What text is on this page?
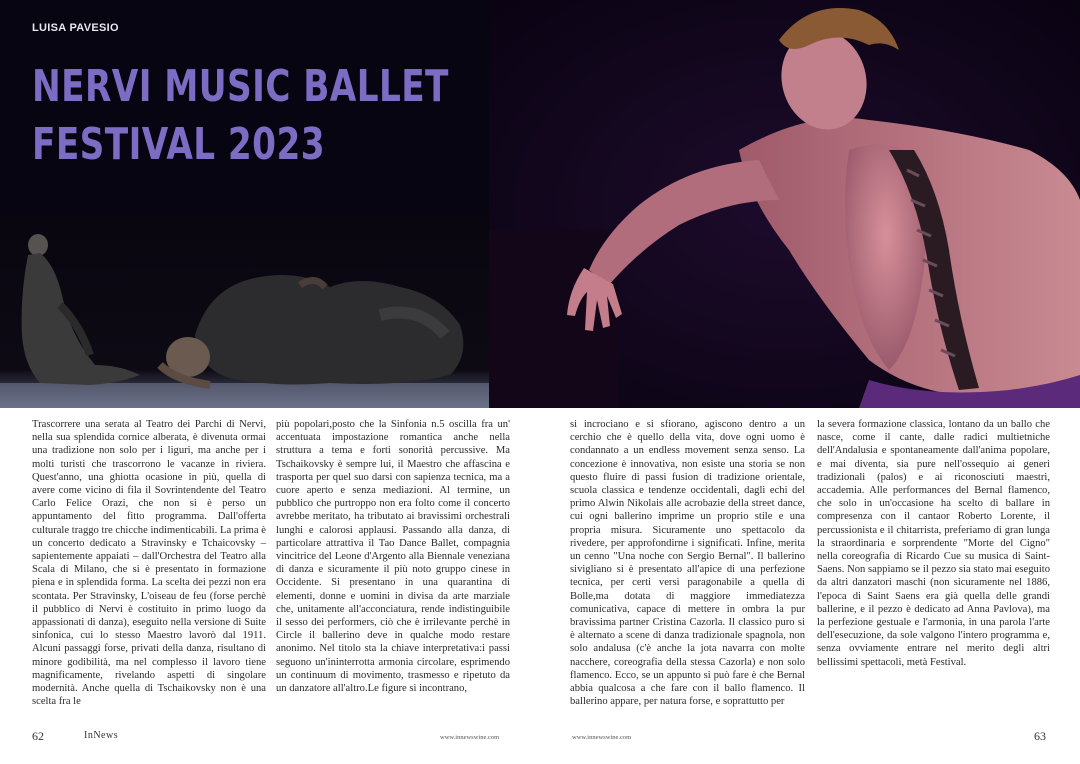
LUISA PAVESIO
NERVI MUSIC BALLET
FESTIVAL 2023
Trascorrere una serata al Teatro dei Parchi di Nervi, nella sua splendida cornice alberata, è divenuta ormai una tradizione non solo per i liguri, ma anche per i molti turisti che trascorrono le vacanze in riviera. Quest'anno, una ghiotta ocasione in più, quella di avere come vicino di fila il Sovrintendente del Teatro Carlo Felice Orazi, che non si è perso un appuntamento del fitto programma. Dall'offerta culturale traggo tre chicche indimenticabili. La prima è un concerto dedicato a Stravinsky e Tchaicovsky – sapientemente appaiati – dall'Orchestra del Teatro alla Scala di Milano, che si è presentato in formazione piena e in splendida forma. La scelta dei pezzi non era scontata. Per Stravinsky, L'oiseau de feu (forse perchè il pubblico di Nervi è costituito in primo luogo da appassionati di danza), eseguito nella versione di Suite sinfonica, cui lo stesso Maestro lavorò dal 1911. Alcuni passaggi forse, privati della danza, risultano di minore godibilità, ma nel complesso il lavoro tiene magnificamente, rivelando aspetti di singolare modernità. Anche quella di Tschaikovsky non è una scelta fra le
più popolari,posto che la Sinfonia n.5 oscilla fra un' accentuata impostazione romantica anche nella struttura a tema e forti sonorità percussive. Ma Tschaikovsky è sempre lui, il Maestro che affascina e trasporta per quel suo darsi con sapienza tecnica, ma a cuore aperto e senza mediazioni. Al termine, un pubblico che purtroppo non era folto come il concerto avrebbe meritato, ha tributato ai bravissimi orchestrali lunghi e calorosi applausi. Passando alla danza, di particolare attrattiva il Tao Dance Ballet, compagnia vincitrice del Leone d'Argento alla Biennale veneziana di danza e sicuramente il più noto gruppo cinese in Occidente. Si presentano in una quarantina di elementi, donne e uomini in divisa da arte marziale che, unitamente all'acconciatura, rende indistinguibile il sesso dei performers, ciò che è irrilevante perchè in Circle il ballerino deve in qualche modo restare anonimo. Nel titolo sta la chiave interpretativa:i passi seguono un'ininterrotta armonia circolare, esprimendo un continuum di movimento, trasmesso e ripetuto da un danzatore all'altro.Le figure si incontrano,
si incrociano e si sfiorano, agiscono dentro a un cerchio che è quello della vita, dove ogni uomo è condannato a un endless movement senza senso. La concezione è innovativa, non esiste una storia se non questo fluire di passi fusion di tradizione orientale, scuola classica e tendenze occidentali, dagli echi del primo Alwin Nikolais alle acrobazie della street dance, cui ogni ballerino imprime un proprio stile e una propria misura. Sicuramente uno spettacolo da rivedere, per approfondirne i significati. Infine, merita un cenno "Una noche con Sergio Bernal". Il ballerino sivigliano si è presentato all'apice di una perfezione tecnica, per certi versi paragonabile a quella di Bolle,ma dotata di maggiore immediatezza comunicativa, capace di mettere in ombra la pur bravissima partner Cristina Cazorla. Il classico puro si è alternato a scene di danza tradizionale spagnola, non solo andalusa (c'è anche la jota navarra con molte nacchere, coreografia della stessa Cazorla) e non solo flamenco. Ecco, se un appunto si può fare è che Bernal abbia qualcosa a che fare con il ballo flamenco. Il ballerino appare, per natura forse, e soprattutto per
la severa formazione classica, lontano da un ballo che nasce, come il cante, dalle radici multietniche dell'Andalusia e spontaneamente dall'anima popolare, e mai diventa, sia pure nell'ossequio ai generi tradizionali (palos) e ai riconosciuti maestri, accademia. Alle performances del Bernal flamenco, che solo in un'occasione ha scelto di ballare in compresenza con il cantaor Roberto Lorente, il percussionista e il chitarrista, preferiamo di gran lunga la straordinaria e sorprendente "Morte del Cigno" nella coreografia di Ricardo Cue su musica di Saint- Saens. Non sappiamo se il pezzo sia stato mai eseguito da altri danzatori maschi (non sicuramente nel 1886, l'epoca di Saint Saens era già quella delle grandi ballerine, e il pezzo è dedicato ad Anna Pavlova), ma la perfezione gestuale e l'armonia, in una parola l'arte dell'esecuzione, da sole valgono l'intero programma e, senza ovviamente entrare nel merito degli altri bellissimi spettacoli, metà Festival.
62	InNews	www.innewswine.com	www.innewswine.com	63
